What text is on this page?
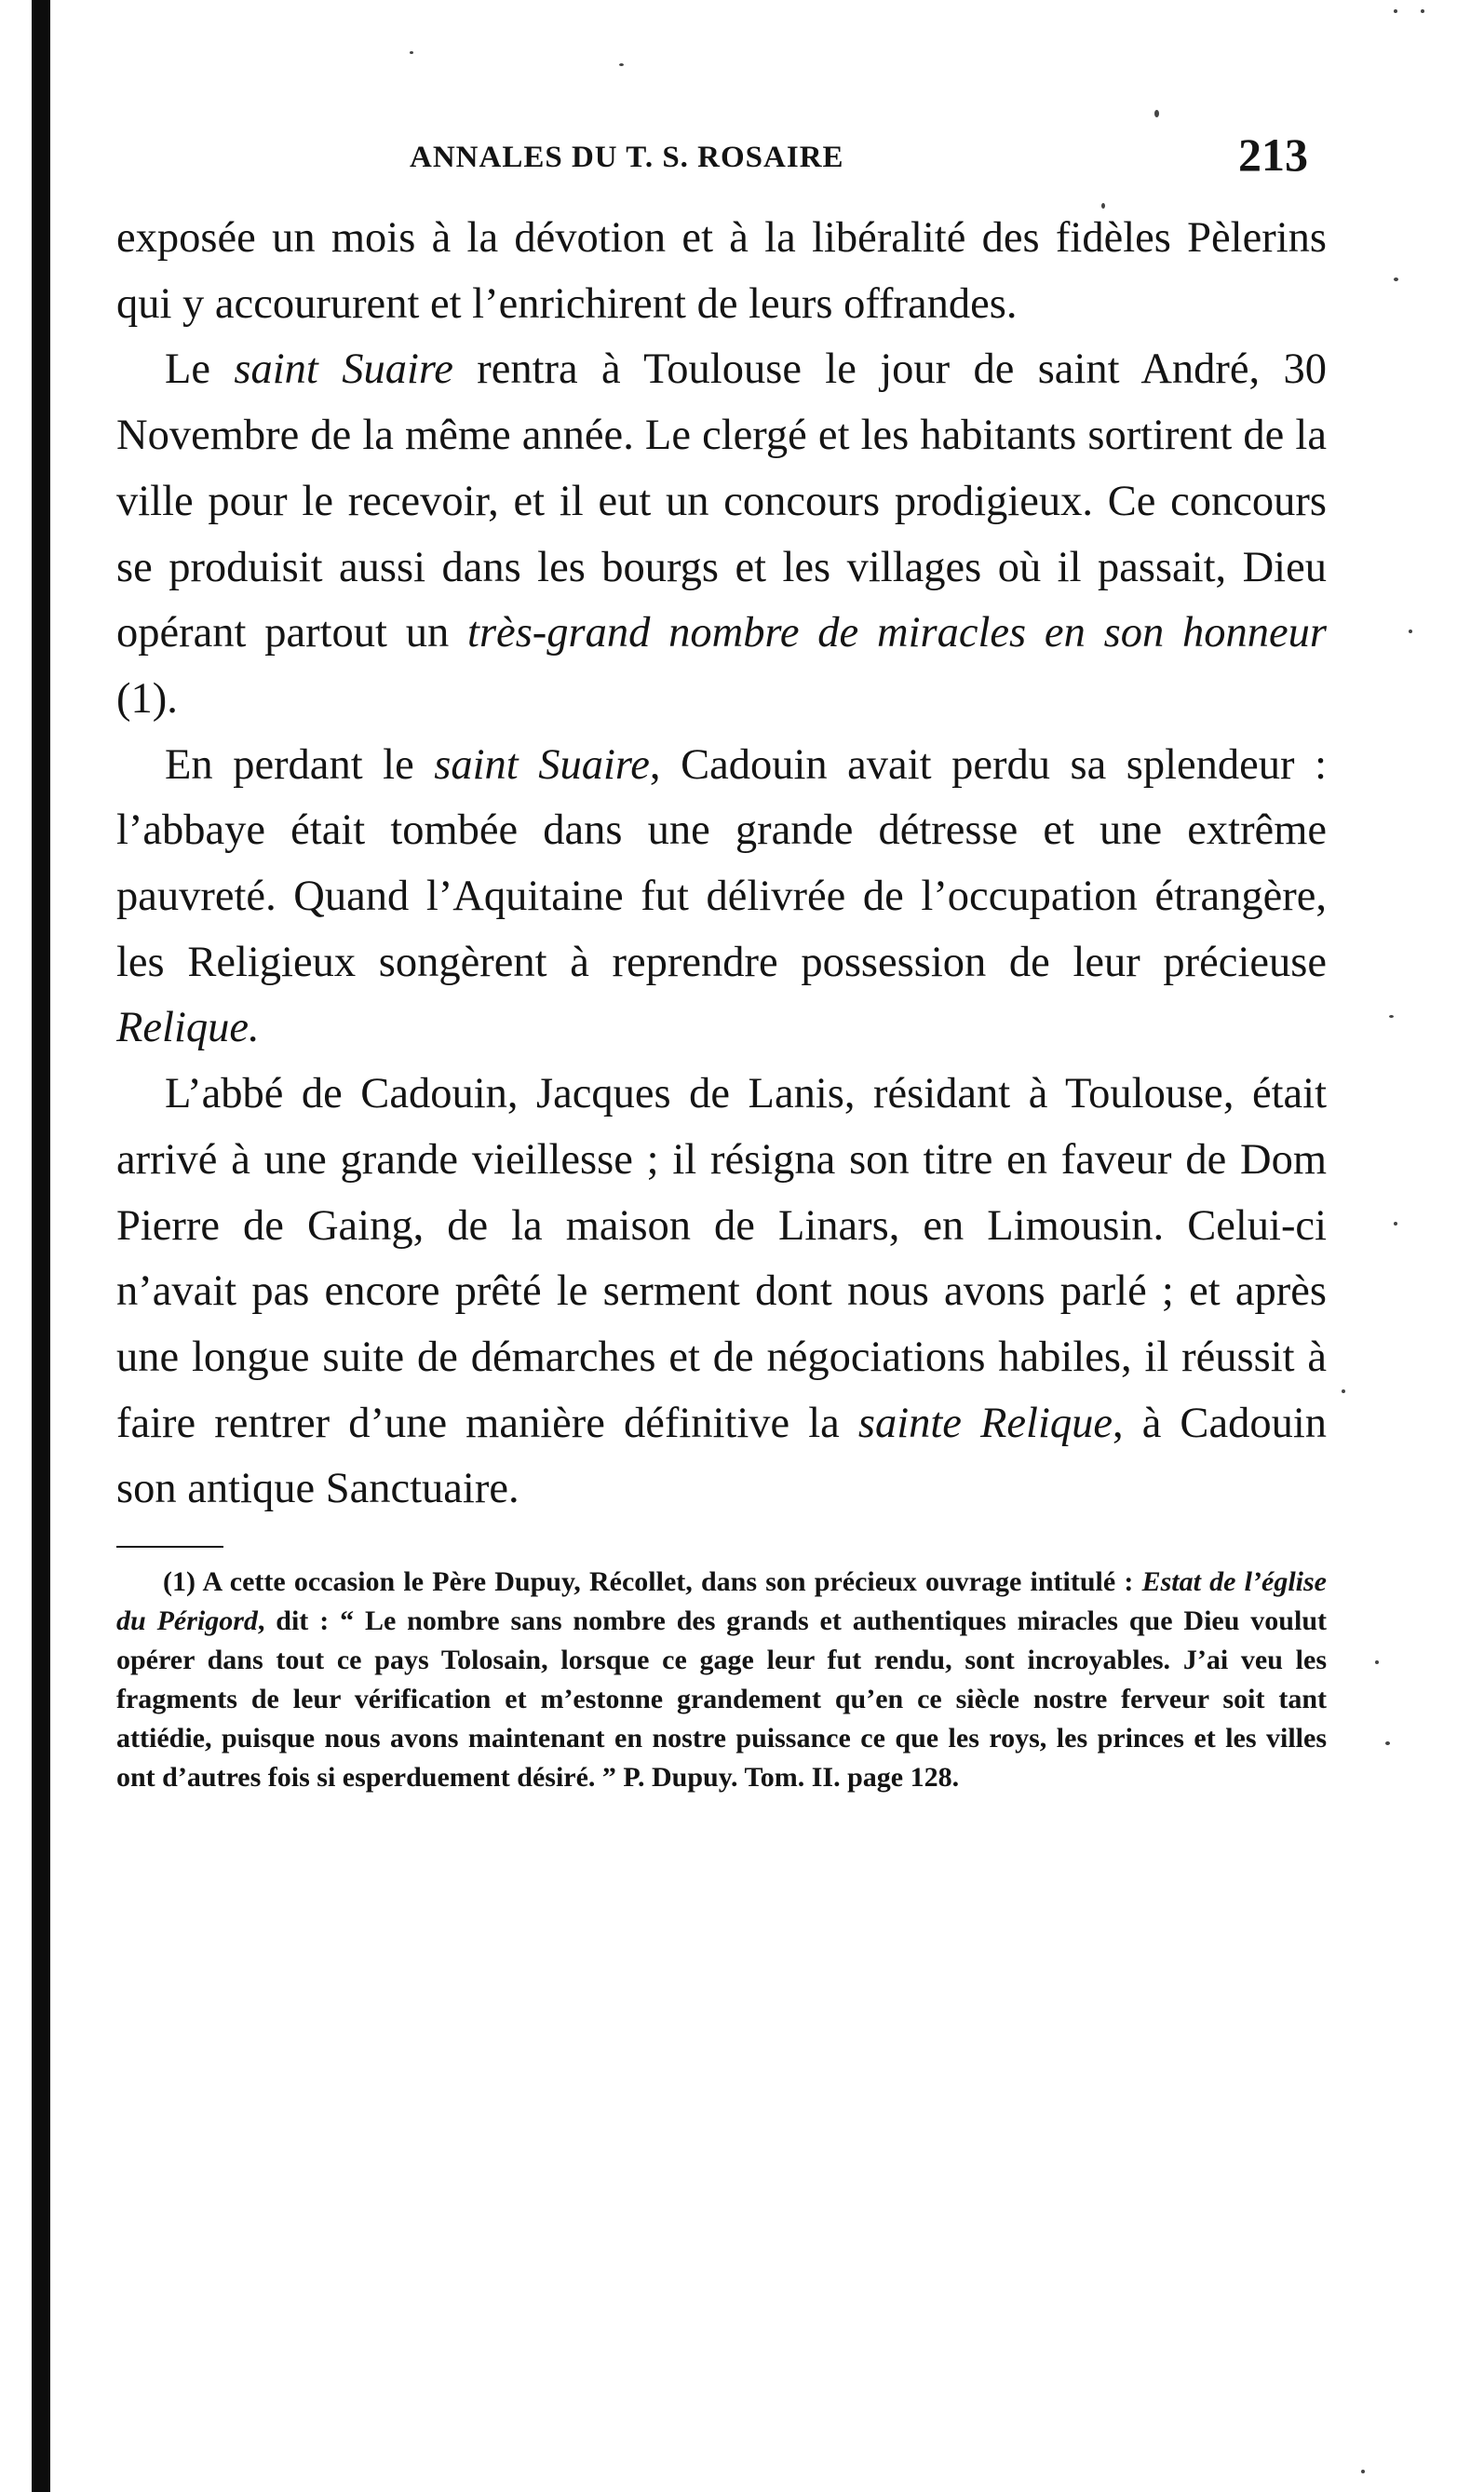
ANNALES DU T. S. ROSAIRE	213

exposée un mois à la dévotion et à la libéralité des fidèles Pèlerins qui y accoururent et l’enrichirent de leurs offrandes.

Le saint Suaire rentra à Toulouse le jour de saint André, 30 Novembre de la même année. Le clergé et les habitants sortirent de la ville pour le recevoir, et il eut un concours prodigieux. Ce concours se produisit aussi dans les bourgs et les villages où il passait, Dieu opérant partout un très-grand nombre de miracles en son honneur (1).

En perdant le saint Suaire, Cadouin avait perdu sa splendeur : l’abbaye était tombée dans une grande détresse et une extrême pauvreté. Quand l’Aquitaine fut délivrée de l’occupation étrangère, les Religieux songèrent à reprendre possession de leur précieuse Relique.

L’abbé de Cadouin, Jacques de Lanis, résidant à Toulouse, était arrivé à une grande vieillesse ; il résigna son titre en faveur de Dom Pierre de Gaing, de la maison de Linars, en Limousin. Celui-ci n’avait pas encore prêté le serment dont nous avons parlé ; et après une longue suite de démarches et de négociations habiles, il réussit à faire rentrer d’une manière définitive la sainte Relique, à Cadouin son antique Sanctuaire.

(1) A cette occasion le Père Dupuy, Récollet, dans son précieux ouvrage intitulé : Estat de l’église du Périgord, dit : “ Le nombre sans nombre des grands et authentiques miracles que Dieu voulut opérer dans tout ce pays Tolosain, lorsque ce gage leur fut rendu, sont incroyables. J’ai veu les fragments de leur vérification et m’estonne grandement qu’en ce siècle nostre ferveur soit tant attiédie, puisque nous avons maintenant en nostre puissance ce que les roys, les princes et les villes ont d’autres fois si esperduement désiré. ” P. Dupuy. Tom. II. page 128.
